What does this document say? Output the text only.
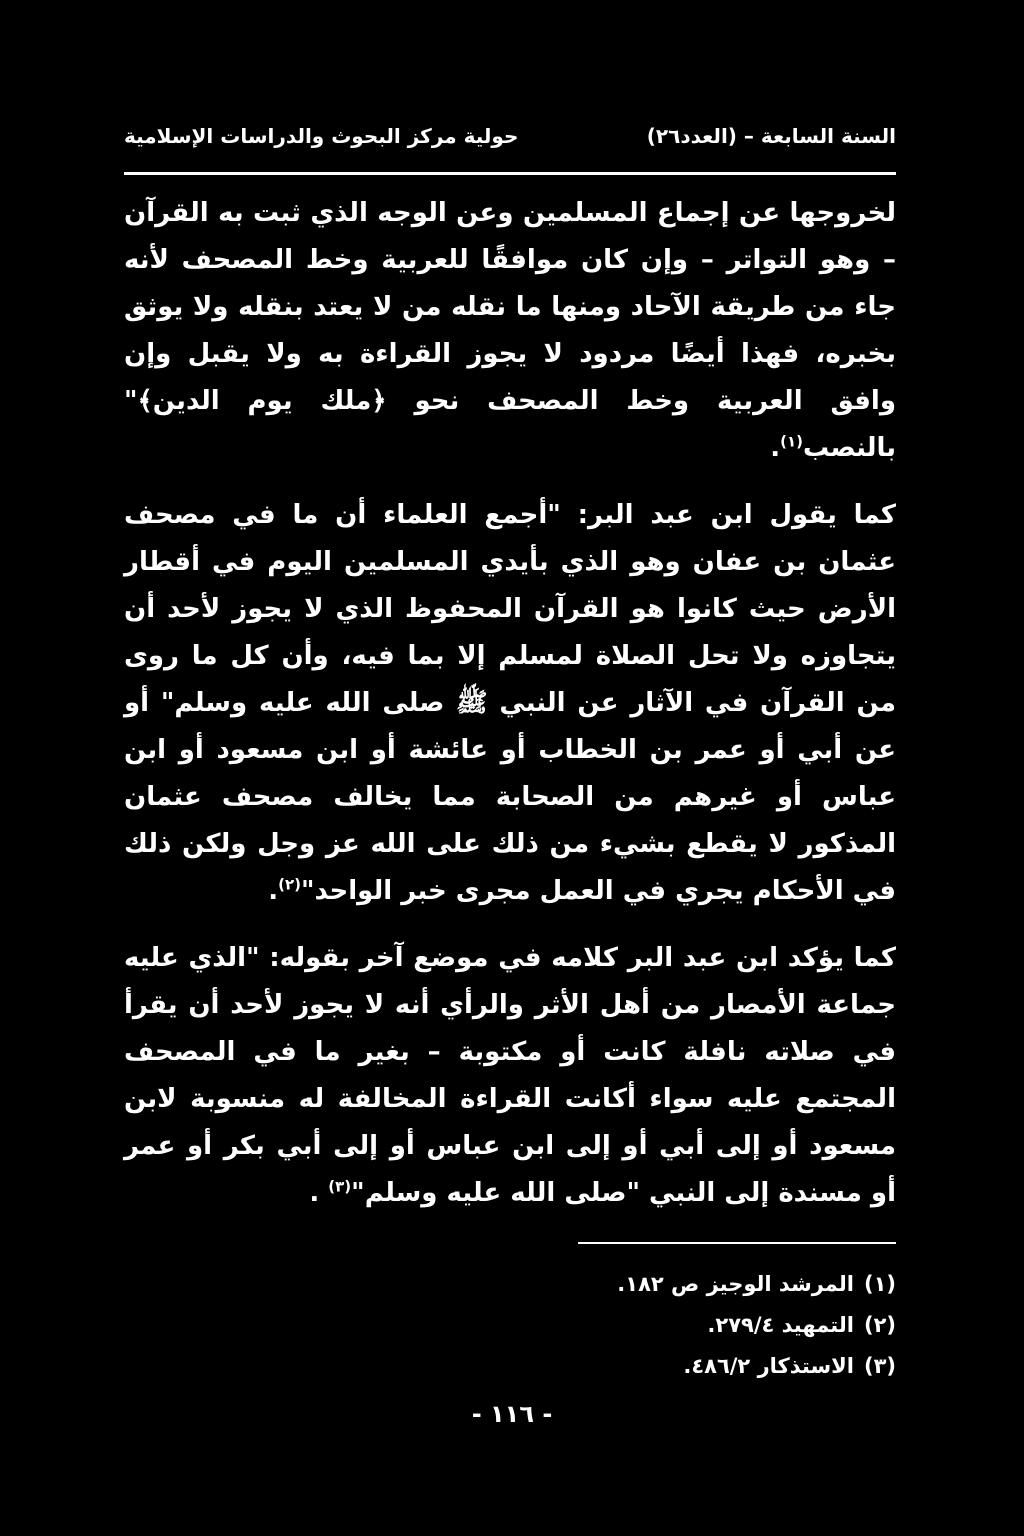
حولية مركز البحوث والدراسات الإسلامية	السنة السابعة – (العدد٢٦)

لخروجها عن إجماع المسلمين وعن الوجه الذي ثبت به القرآن – وهو التواتر – وإن كان موافقًا للعربية وخط المصحف لأنه جاء من طريقة الآحاد ومنها ما نقله من لا يعتد بنقله ولا يوثق بخبره، فهذا أيضًا مردود لا يجوز القراءة به ولا يقبل وإن وافق العربية وخط المصحف نحو ﴿ملك يوم الدين﴾" بالنصب$^{(١)}$.

كما يقول ابن عبد البر: "أجمع العلماء أن ما في مصحف عثمان بن عفان وهو الذي بأيدي المسلمين اليوم في أقطار الأرض حيث كانوا هو القرآن المحفوظ الذي لا يجوز لأحد أن يتجاوزه ولا تحل الصلاة لمسلم إلا بما فيه، وأن كل ما روى من القرآن في الآثار عن النبي ﷺ صلى الله عليه وسلم" أو عن أبي أو عمر بن الخطاب أو عائشة أو ابن مسعود أو ابن عباس أو غيرهم من الصحابة مما يخالف مصحف عثمان المذكور لا يقطع بشيء من ذلك على الله عز وجل ولكن ذلك في الأحكام يجري في العمل مجرى خبر الواحد"$^{(٢)}$.

كما يؤكد ابن عبد البر كلامه في موضع آخر بقوله: "الذي عليه جماعة الأمصار من أهل الأثر والرأي أنه لا يجوز لأحد أن يقرأ في صلاته نافلة كانت أو مكتوبة – بغير ما في المصحف المجتمع عليه سواء أكانت القراءة المخالفة له منسوبة لابن مسعود أو إلى أبي أو إلى ابن عباس أو إلى أبي بكر أو عمر أو مسندة إلى النبي "صلى الله عليه وسلم"$^{(٣)}$ .

(١)المرشد الوجيز ص ١٨٢.
(٢)التمهيد ٢٧٩/٤.
(٣)الاستذكار ٤٨٦/٢.
- ١١٦ -
